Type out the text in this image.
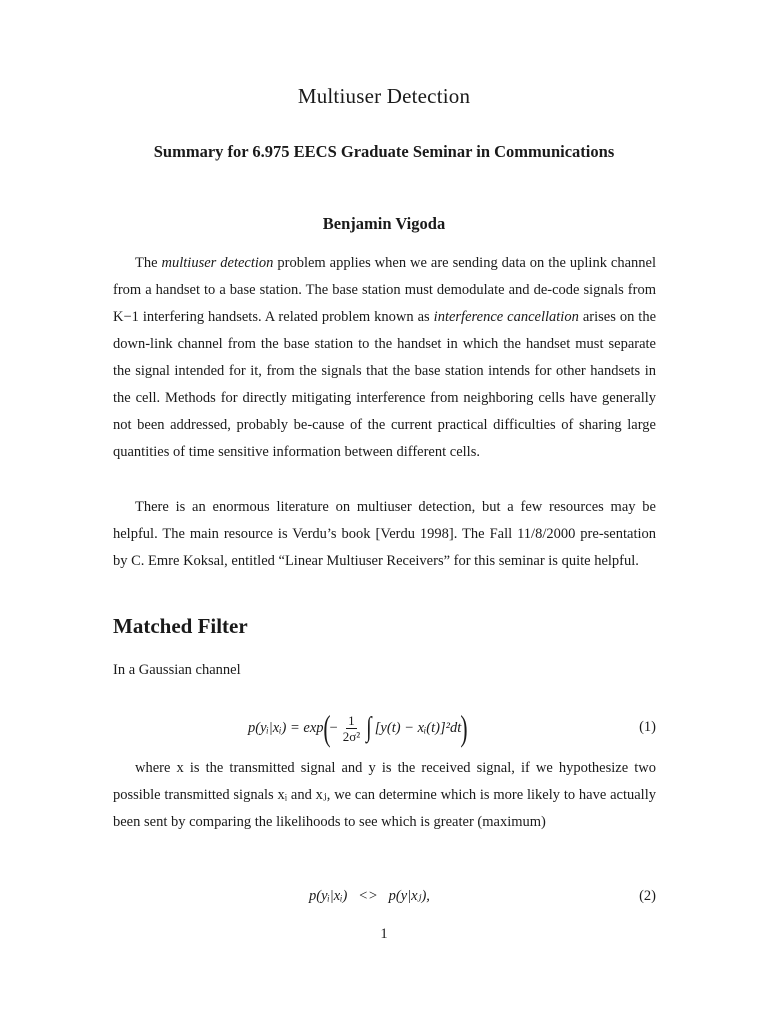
Multiuser Detection
Summary for 6.975 EECS Graduate Seminar in Communications
Benjamin Vigoda

The multiuser detection problem applies when we are sending data on the uplink channel from a handset to a base station. The base station must demodulate and de-code signals from K−1 interfering handsets. A related problem known as interference cancellation arises on the down-link channel from the base station to the handset in which the handset must separate the signal intended for it, from the signals that the base station intends for other handsets in the cell. Methods for directly mitigating interference from neighboring cells have generally not been addressed, probably be-cause of the current practical difficulties of sharing large quantities of time sensitive information between different cells.

There is an enormous literature on multiuser detection, but a few resources may be helpful. The main resource is Verdu’s book [Verdu 1998]. The Fall 11/8/2000 pre-sentation by C. Emre Koksal, entitled “Linear Multiuser Receivers” for this seminar is quite helpful.

Matched Filter
In a Gaussian channel
p(yᵢ|xᵢ) = exp ( − $\frac{1}{\text{2σ²}}$ ∫ [y(t) − xᵢ(t)]²dt )	(1)

where x is the transmitted signal and y is the received signal, if we hypothesize two possible transmitted signals xᵢ and xⱼ, we can determine which is more likely to have actually been sent by comparing the likelihoods to see which is greater (maximum)

p(yᵢ|xᵢ)   <>   p(y|xⱼ),	(2)
1
